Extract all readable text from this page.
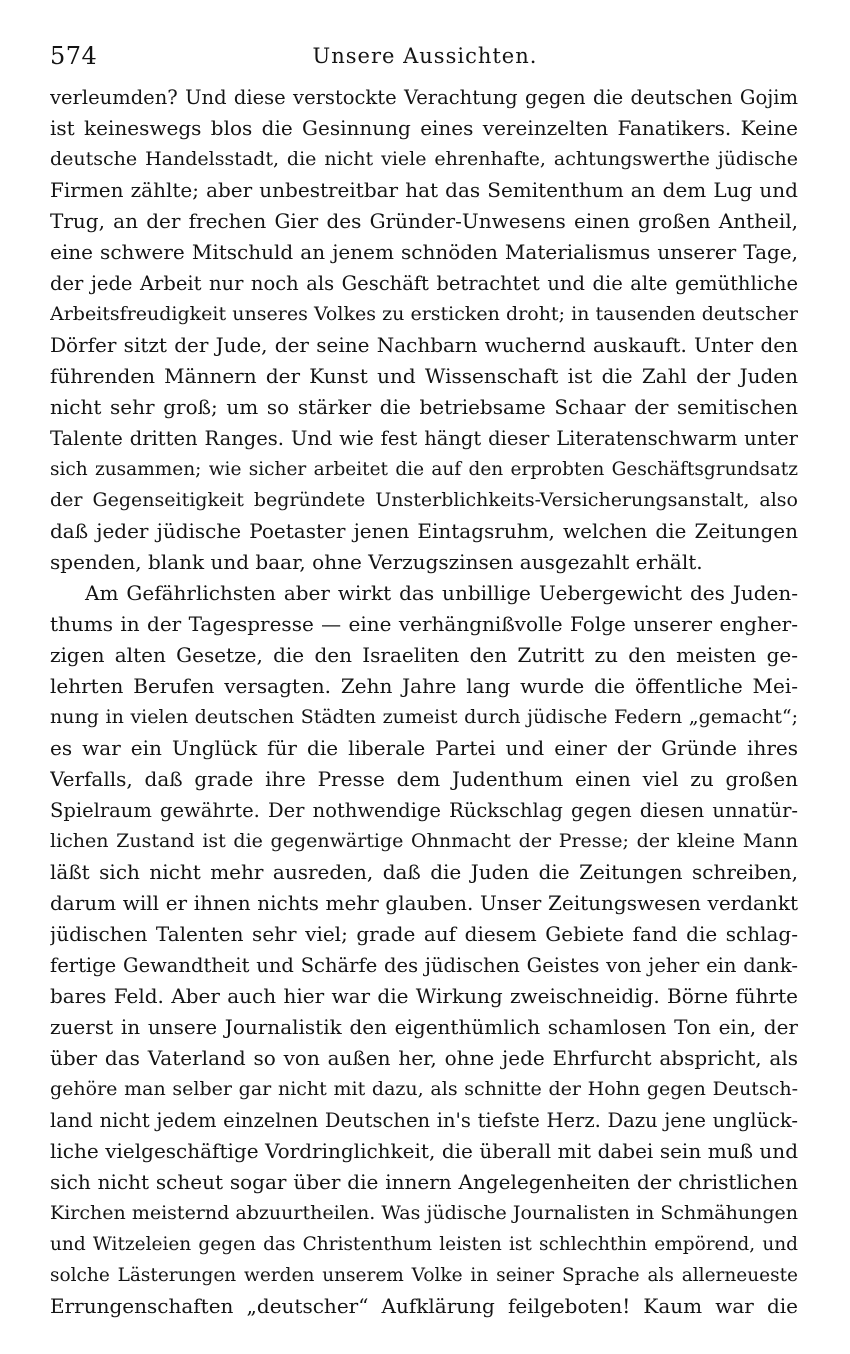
574	Unsere Aussichten.
verleumden? Und diese verstockte Verachtung gegen die deutschen Gojim
ist keineswegs blos die Gesinnung eines vereinzelten Fanatikers. Keine
deutsche Handelsstadt, die nicht viele ehrenhafte, achtungswerthe jüdische
Firmen zählte; aber unbestreitbar hat das Semitenthum an dem Lug und
Trug, an der frechen Gier des Gründer-Unwesens einen großen Antheil,
eine schwere Mitschuld an jenem schnöden Materialismus unserer Tage,
der jede Arbeit nur noch als Geschäft betrachtet und die alte gemüthliche
Arbeitsfreudigkeit unseres Volkes zu ersticken droht; in tausenden deutscher
Dörfer sitzt der Jude, der seine Nachbarn wuchernd auskauft. Unter den
führenden Männern der Kunst und Wissenschaft ist die Zahl der Juden
nicht sehr groß; um so stärker die betriebsame Schaar der semitischen
Talente dritten Ranges. Und wie fest hängt dieser Literatenschwarm unter
sich zusammen; wie sicher arbeitet die auf den erprobten Geschäftsgrundsatz
der Gegenseitigkeit begründete Unsterblichkeits-Versicherungsanstalt, also
daß jeder jüdische Poetaster jenen Eintagsruhm, welchen die Zeitungen
spenden, blank und baar, ohne Verzugszinsen ausgezahlt erhält.
Am Gefährlichsten aber wirkt das unbillige Uebergewicht des Juden-
thums in der Tagespresse — eine verhängnißvolle Folge unserer engher-
zigen alten Gesetze, die den Israeliten den Zutritt zu den meisten ge-
lehrten Berufen versagten. Zehn Jahre lang wurde die öffentliche Mei-
nung in vielen deutschen Städten zumeist durch jüdische Federn „gemacht“;
es war ein Unglück für die liberale Partei und einer der Gründe ihres
Verfalls, daß grade ihre Presse dem Judenthum einen viel zu großen
Spielraum gewährte. Der nothwendige Rückschlag gegen diesen unnatür-
lichen Zustand ist die gegenwärtige Ohnmacht der Presse; der kleine Mann
läßt sich nicht mehr ausreden, daß die Juden die Zeitungen schreiben,
darum will er ihnen nichts mehr glauben. Unser Zeitungswesen verdankt
jüdischen Talenten sehr viel; grade auf diesem Gebiete fand die schlag-
fertige Gewandtheit und Schärfe des jüdischen Geistes von jeher ein dank-
bares Feld. Aber auch hier war die Wirkung zweischneidig. Börne führte
zuerst in unsere Journalistik den eigenthümlich schamlosen Ton ein, der
über das Vaterland so von außen her, ohne jede Ehrfurcht abspricht, als
gehöre man selber gar nicht mit dazu, als schnitte der Hohn gegen Deutsch-
land nicht jedem einzelnen Deutschen in's tiefste Herz. Dazu jene unglück-
liche vielgeschäftige Vordringlichkeit, die überall mit dabei sein muß und
sich nicht scheut sogar über die innern Angelegenheiten der christlichen
Kirchen meisternd abzuurtheilen. Was jüdische Journalisten in Schmähungen
und Witzeleien gegen das Christenthum leisten ist schlechthin empörend, und
solche Lästerungen werden unserem Volke in seiner Sprache als allerneueste
Errungenschaften „deutscher“ Aufklärung feilgeboten! Kaum war die
